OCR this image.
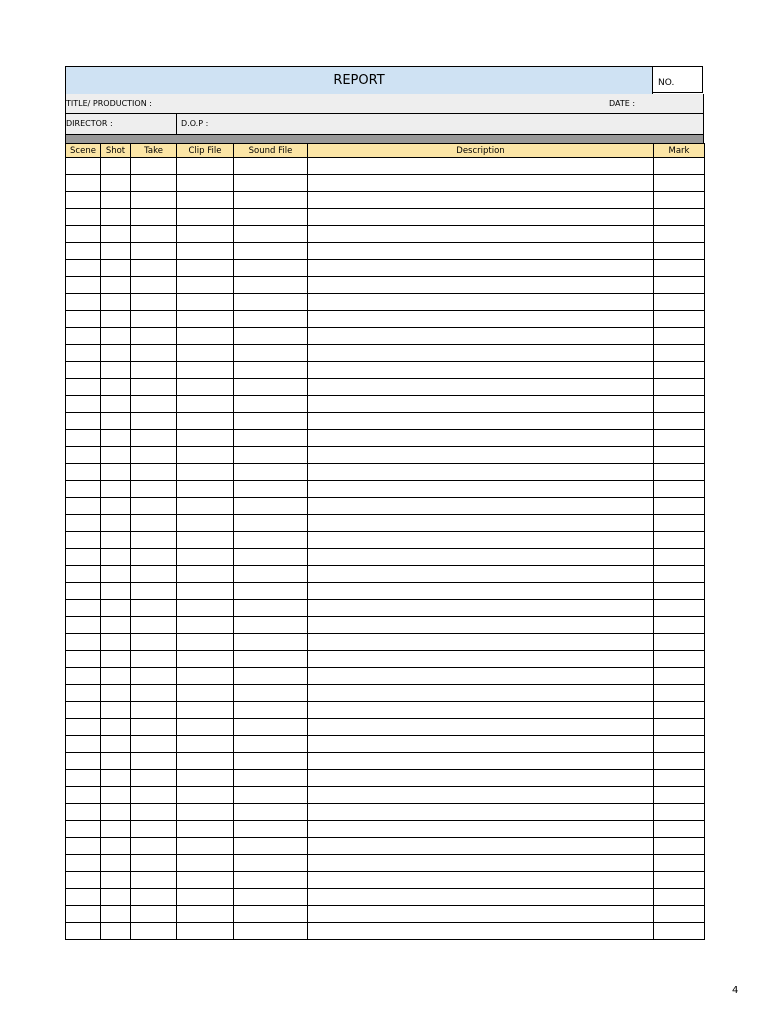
REPORT	NO.
TITLE/ PRODUCTION :	DATE :
DIRECTOR :	D.O.P :
Scene	Shot	Take	Clip File	Sound File	Description	Mark

4
